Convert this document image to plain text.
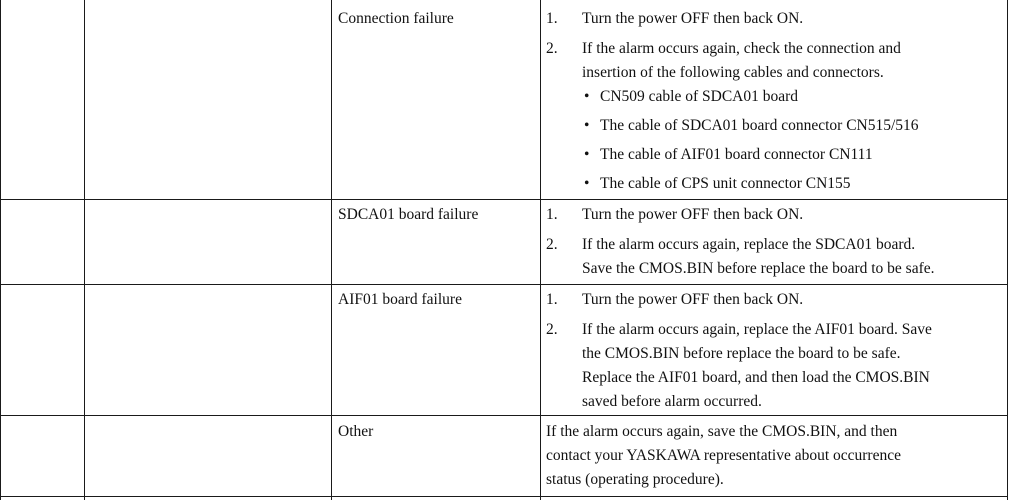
Connection failure	1.	Turn the power OFF then back ON.
2.	If the alarm occurs again, check the connection and
insertion of the following cables and connectors.
• CN509 cable of SDCA01 board
• The cable of SDCA01 board connector CN515/516
• The cable of AIF01 board connector CN111
• The cable of CPS unit connector CN155
SDCA01 board failure	1.	Turn the power OFF then back ON.
2.	If the alarm occurs again, replace the SDCA01 board.
Save the CMOS.BIN before replace the board to be safe.
AIF01 board failure	1.	Turn the power OFF then back ON.
2.	If the alarm occurs again, replace the AIF01 board. Save
the CMOS.BIN before replace the board to be safe.
Replace the AIF01 board, and then load the CMOS.BIN
saved before alarm occurred.
Other	If the alarm occurs again, save the CMOS.BIN, and then
contact your YASKAWA representative about occurrence
status (operating procedure).
